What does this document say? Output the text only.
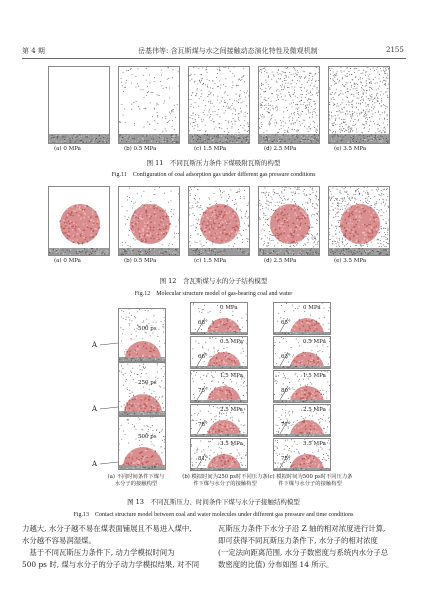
第 4 期	岳基伟等: 含瓦斯煤与水之间接触动态演化特性及微观机制	2155
(a) 0 MPa	(b) 0.5 MPa	(c) 1.5 MPa	(d) 2.5 MPa	(e) 3.5 MPa
图 11　不同瓦斯压力条件下煤吸附瓦斯的构型
Fig.11　Configuration of coal adsorption gas under different gas pressure conditions
(a) 0 MPa	(b) 0.5 MPa	(c) 1.5 MPa	(d) 2.5 MPa	(e) 3.5 MPa
图 12　含瓦斯煤与水的分子结构模型
Fig.12　Molecular structure model of gas-bearing coal and water
500 ps
250 ps
500 ps
A
A
A
0 MPa
68°
0.5 MPa
66°
1.5 MPa
75°
2.5 MPa
78°
3.5 MPa
81°
0 MPa
65°
0.5 MPa
63°
1.5 MPa
80°
2.5 MPa
77°
3.5 MPa
75°
(a) 不同时间条件下煤与水分子的接触构型
(b) 模拟时间为250 ps时不同压力条件下煤与水分子的接触构型
(c) 模拟时间为500 ps时不同压力条件下煤与水分子的接触构型
图 13　不同瓦斯压力、时间条件下煤与水分子接触结构模型
Fig.13　Contact structure model between coal and water molecules under different gas pressure and time conditions
力越大, 水分子越不易在煤表面铺展且不易进入煤中,
水分越不容易润湿煤。
　基于不同瓦斯压力条件下, 动力学模拟时间为
500 ps 时, 煤与水分子的分子动力学模拟结果, 对不同
瓦斯压力条件下水分子沿 Z 轴的相对浓度进行计算,
即可获得不同瓦斯压力条件下, 水分子的相对浓度
(一定法向距离范围, 水分子数密度与系统内水分子总
数密度的比值) 分布如图 14 所示。
